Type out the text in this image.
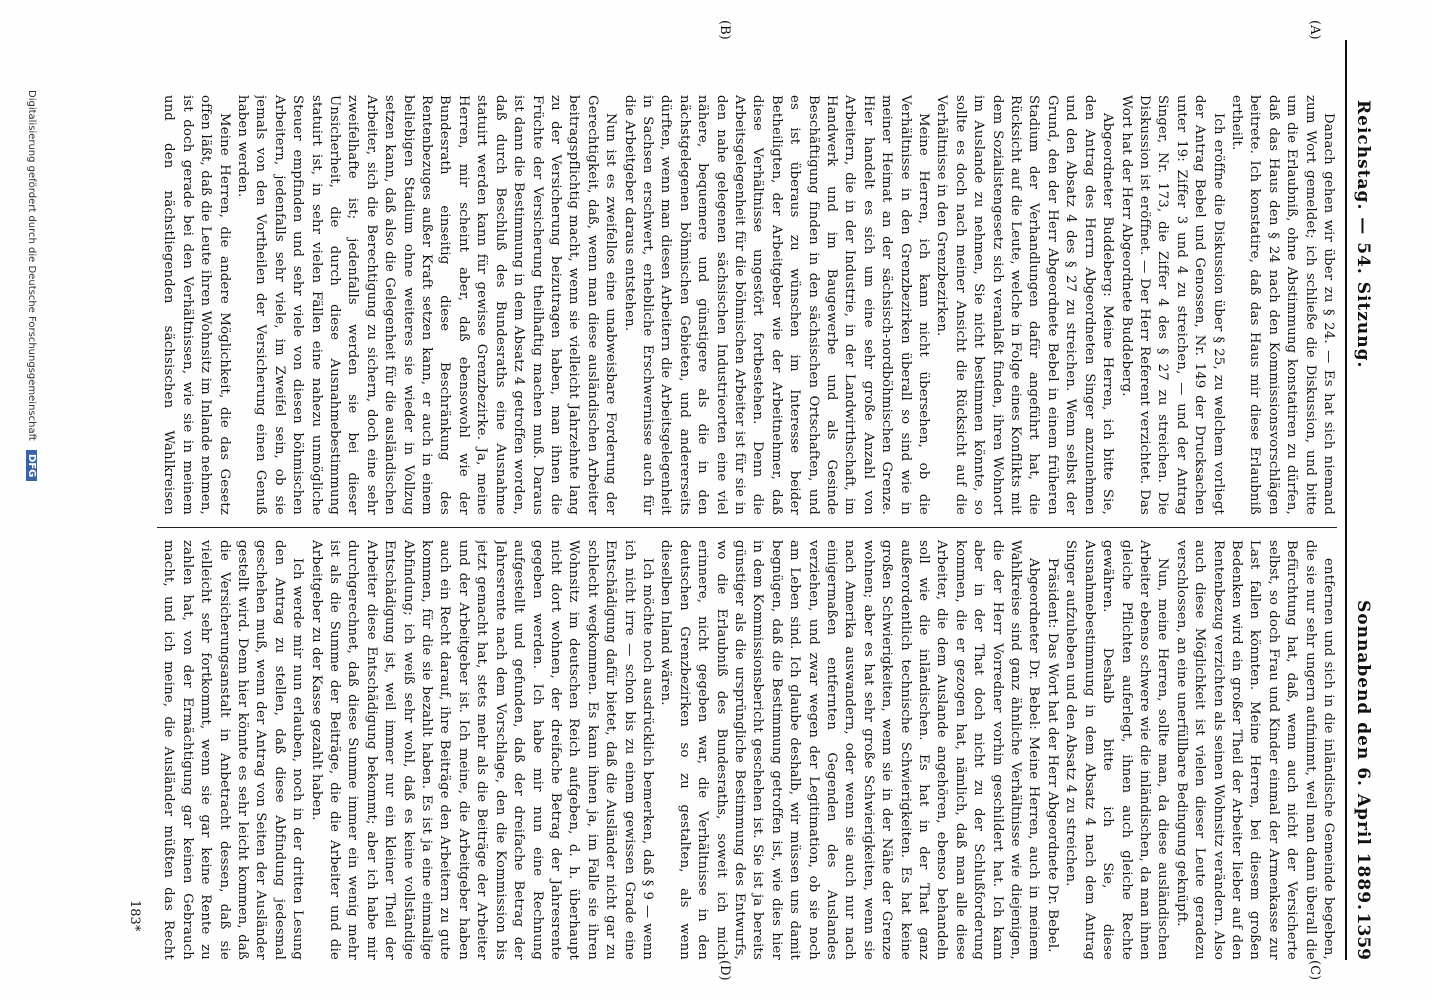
Reichstag. — 54. Sitzung.
Sonnabend den 6. April 1889.
1359
(A)
(B)
(C)
(D)

Danach gehen wir über zu § 24. — Es hat sich niemand zum Wort gemeldet; ich schließe die Diskussion, und bitte um die Erlaubniß, ohne Abstimmung konstatiren zu dürfen, daß das Haus den § 24 nach den Kommissionsvorschlägen beitrete. Ich konstatire, daß das Haus mir diese Erlaubniß ertheilt.

Ich eröffne die Diskussion über § 25, zu welchem vorliegt der Antrag Bebel und Genossen, Nr. 149 der Drucksachen unter 19: Ziffer 3 und 4 zu streichen, — und der Antrag Singer, Nr. 173, die Ziffer 4 des § 27 zu streichen. Die Diskussion ist eröffnet. — Der Herr Referent verzichtet. Das Wort hat der Herr Abgeordnete Buddeberg.

Abgeordneter Buddeberg: Meine Herren, ich bitte Sie, den Antrag des Herrn Abgeordneten Singer anzunehmen und den Absatz 4 des § 27 zu streichen. Wenn selbst der Grund, den der Herr Abgeordnete Bebel in einem früheren Stadium der Verhandlungen dafür angeführt hat, die Rücksicht auf die Leute, welche in Folge eines Konflikts mit dem Sozialistengesetz sich veranlaßt finden, ihren Wohnort im Auslande zu nehmen, Sie nicht bestimmen könnte, so sollte es doch nach meiner Ansicht die Rücksicht auf die Verhältnisse in den Grenzbezirken.

Meine Herren, ich kann nicht übersehen, ob die Verhältnisse in den Grenzbezirken überall so sind wie in meiner Heimat an der sächsisch-nordböhmischen Grenze. Hier handelt es sich um eine sehr große Anzahl von Arbeitern, die in der Industrie, in der Landwirthschaft, im Handwerk und im Baugewerbe und als Gesinde Beschäftigung finden in den sächsischen Ortschaften, und es ist überaus zu wünschen im Interesse beider Betheiligten, der Arbeitgeber wie der Arbeitnehmer, daß diese Verhältnisse ungestört fortbestehen. Denn die Arbeitsgelegenheit für die böhmischen Arbeiter ist für sie in den nahe gelegenen sächsischen Industrieorten eine viel nähere, bequemere und günstigere als die in den nächstgelegenen böhmischen Gebieten, und andererseits dürften, wenn man diesen Arbeitern die Arbeitsgelegenheit in Sachsen erschwert, erhebliche Erschwernisse auch für die Arbeitgeber daraus entstehen.

Nun ist es zweifellos eine unabweisbare Forderung der Gerechtigkeit, daß, wenn man diese ausländischen Arbeiter beitragspflichtig macht, wenn sie vielleicht Jahrzehnte lang zu der Versicherung beizutragen haben, man ihnen die Früchte der Versicherung theilhaftig machen muß. Daraus ist dann die Bestimmung in dem Absatz 4 getroffen worden, daß durch Beschluß des Bundesraths eine Ausnahme statuirt werden kann für gewisse Grenzbezirke. Ja, meine Herren, mir scheint aber, daß ebensowohl wie der Bundesrath einseitig diese Beschränkung des Rentenbezuges außer Kraft setzen kann, er auch in einem beliebigen Stadium ohne weiteres sie wieder in Vollzug setzen kann, daß also die Gelegenheit für die ausländischen Arbeiter, sich die Berechtigung zu sichern, doch eine sehr zweifelhafte ist; jedenfalls werden sie bei dieser Unsicherheit, die durch diese Ausnahmebestimmung statuirt ist, in sehr vielen Fällen eine nahezu unmögliche Steuer empfinden und sehr viele von diesen böhmischen Arbeitern, jedenfalls sehr viele, im Zweifel sein, ob sie jemals von den Vortheilen der Versicherung einen Genuß haben werden.

Meine Herren, die andere Möglichkeit, die das Gesetz offen läßt, daß die Leute ihren Wohnsitz im Inlande nehmen, ist doch gerade bei den Verhältnissen, wie sie in meinem und den nächstliegenden sächsischen Wahlkreisen

entfernen und sich in die inländische Gemeinde begeben, die sie nur sehr ungern aufnimmt, weil man dann überall die Befürchtung hat, daß, wenn auch nicht der Versicherte selbst, so doch Frau und Kinder einmal der Armenkasse zur Last fallen könnten. Meine Herren, bei diesem großen Bedenken wird ein großer Theil der Arbeiter lieber auf den Rentenbezug verzichten als seinen Wohnsitz verändern. Also auch diese Möglichkeit ist vielen dieser Leute geradezu verschlossen, an eine unerfüllbare Bedingung geknüpft.

Nun, meine Herren, sollte man, da diese ausländischen Arbeiter ebenso schwere wie die inländischen, da man ihnen gleiche Pflichten auferlegt, ihnen auch gleiche Rechte gewähren. Deshalb bitte ich Sie, diese Ausnahmebestimmung in dem Absatz 4 nach dem Antrag Singer aufzuheben und den Absatz 4 zu streichen.

Präsident: Das Wort hat der Herr Abgeordnete Dr. Bebel.

Abgeordneter Dr. Bebel: Meine Herren, auch in meinem Wahlkreise sind ganz ähnliche Verhältnisse wie diejenigen, die der Herr Vorredner vorhin geschildert hat. Ich kann aber in der That doch nicht zu der Schlußforderung kommen, die er gezogen hat, nämlich, daß man alle diese Arbeiter, die dem Auslande angehören, ebenso behandeln soll wie die inländischen. Es hat in der That ganz außerordentlich technische Schwierigkeiten. Es hat keine großen Schwierigkeiten, wenn sie in der Nähe der Grenze wohnen; aber es hat sehr große Schwierigkeiten, wenn sie nach Amerika auswandern, oder wenn sie auch nur nach einigermaßen entfernten Gegenden des Auslandes verziehen, und zwar wegen der Legitimation, ob sie noch am Leben sind. Ich glaube deshalb, wir müssen uns damit begnügen, daß die Bestimmung getroffen ist, wie dies hier in dem Kommissionsbericht geschehen ist. Sie ist ja bereits günstiger als die ursprüngliche Bestimmung des Entwurfs, wo die Erlaubniß des Bundesraths, soweit ich mich erinnere, nicht gegeben war, die Verhältnisse in den deutschen Grenzbezirken so zu gestalten, als wenn dieselben Inland wären.

Ich möchte noch ausdrücklich bemerken, daß § 9 — wenn ich nicht irre — schon bis zu einem gewissen Grade eine Entschädigung dafür bietet, daß die Ausländer nicht gar zu schlecht wegkommen. Es kann ihnen ja, im Falle sie ihren Wohnsitz im deutschen Reich aufgeben, d. h. überhaupt nicht dort wohnen, der dreifache Betrag der Jahresrente gegeben werden. Ich habe mir nun eine Rechnung aufgestellt und gefunden, daß der dreifache Betrag der Jahresrente nach dem Vorschlage, den die Kommission bis jetzt gemacht hat, stets mehr als die Beiträge der Arbeiter und der Arbeitgeber ist. Ich meine, die Arbeitgeber haben auch ein Recht darauf, ihre Beiträge den Arbeitern zu gute kommen, für die sie bezahlt haben. Es ist ja eine einmalige Abfindung; ich weiß sehr wohl, daß es keine vollständige Entschädigung ist, weil immer nur ein kleiner Theil der Arbeiter diese Entschädigung bekommt; aber ich habe mir durchgerechnet, daß diese Summe immer ein wenig mehr ist als die Summe der Beiträge, die die Arbeiter und die Arbeitgeber zu der Kasse gezahlt haben.

Ich werde mir nun erlauben, noch in der dritten Lesung den Antrag zu stellen, daß diese Abfindung jedesmal geschehen muß, wenn der Antrag von Seiten der Ausländer gestellt wird. Denn hier könnte es sehr leicht kommen, daß die Versicherungsanstalt in Anbetracht dessen, daß sie vielleicht sehr fortkommt, wenn sie gar keine Rente zu zahlen hat, von der Ermächtigung gar keinen Gebrauch macht, und ich meine, die Ausländer müßten das Recht

183*
Digitalisierung gefördert durch die Deutsche Forschungsgemeinschaft DFG
